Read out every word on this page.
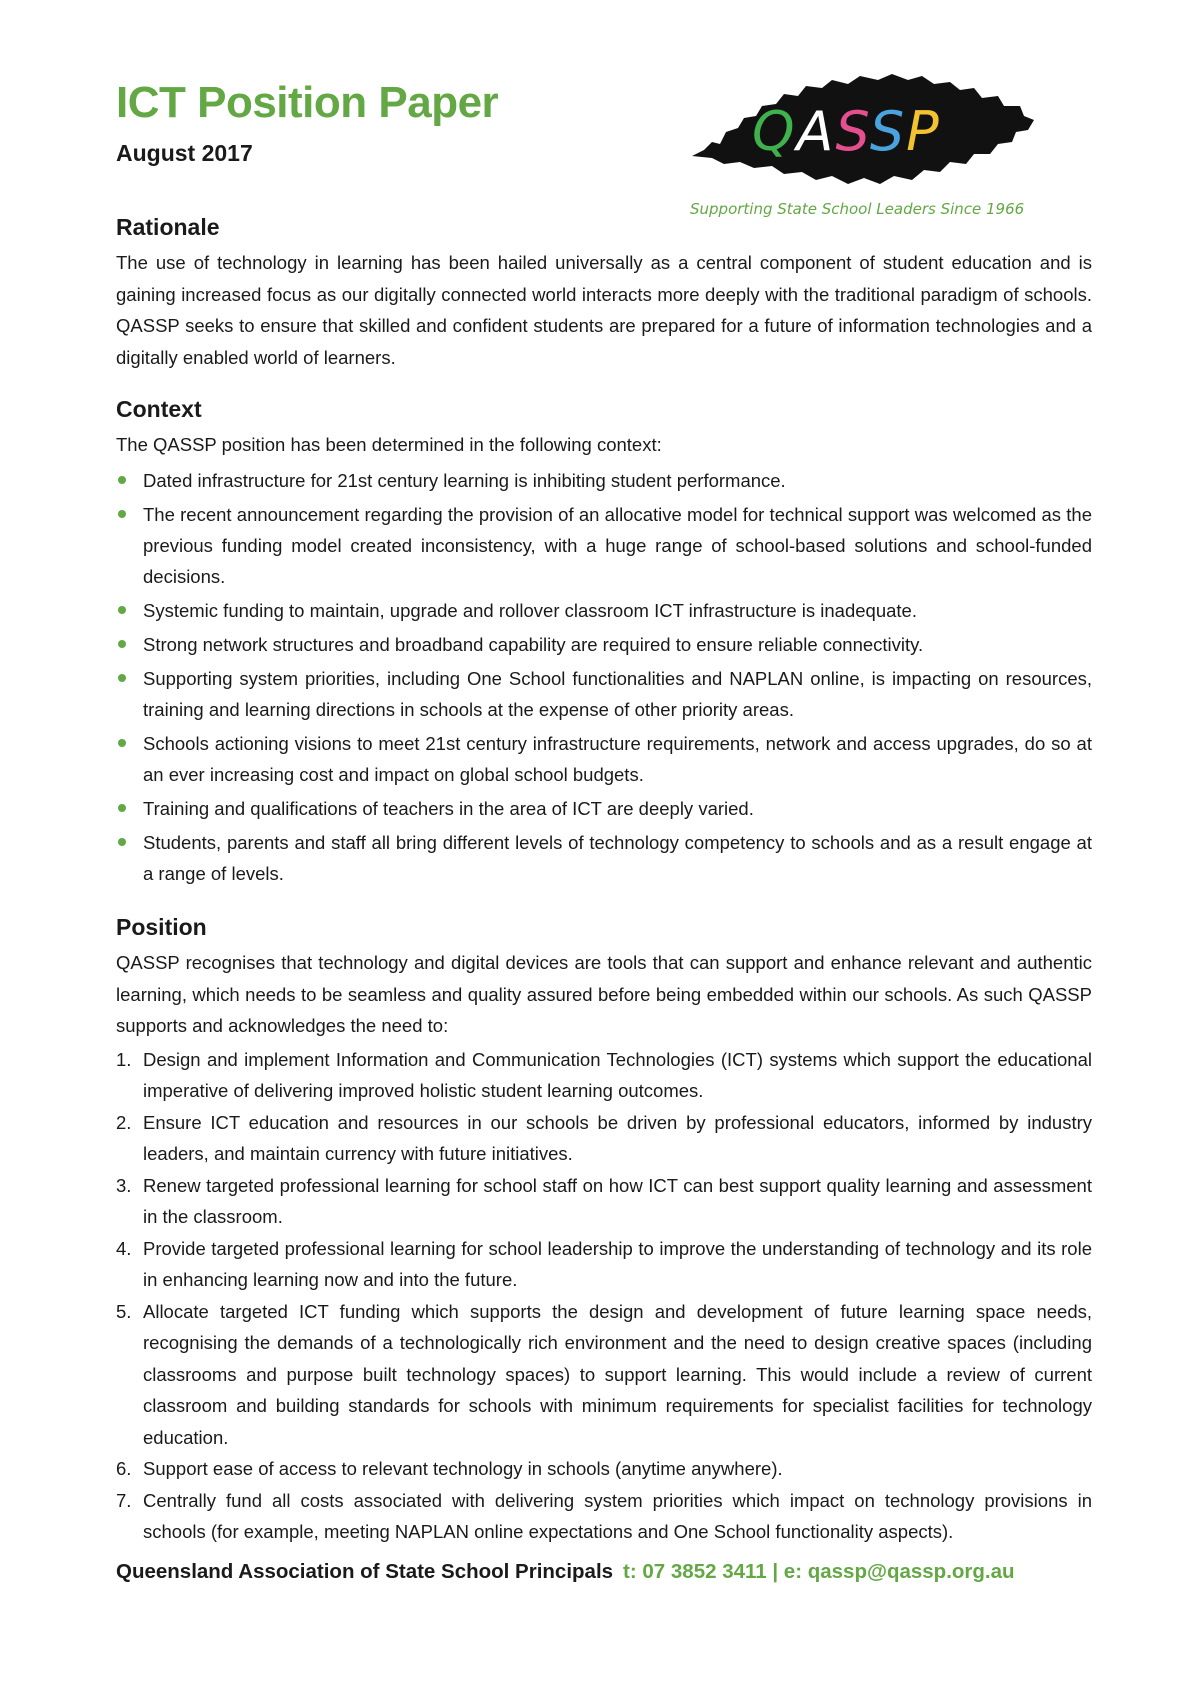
ICT Position Paper
August 2017	QASSP
Supporting State School Leaders Since 1966
Rationale

The use of technology in learning has been hailed universally as a central component of student education and is gaining increased focus as our digitally connected world interacts more deeply with the traditional paradigm of schools. QASSP seeks to ensure that skilled and confident students are prepared for a future of information technologies and a digitally enabled world of learners.

Context

The QASSP position has been determined in the following context:

Dated infrastructure for 21st century learning is inhibiting student performance.
The recent announcement regarding the provision of an allocative model for technical support was welcomed as the previous funding model created inconsistency, with a huge range of school-based solutions and school-funded decisions.
Systemic funding to maintain, upgrade and rollover classroom ICT infrastructure is inadequate.
Strong network structures and broadband capability are required to ensure reliable connectivity.
Supporting system priorities, including One School functionalities and NAPLAN online, is impacting on resources, training and learning directions in schools at the expense of other priority areas.
Schools actioning visions to meet 21st century infrastructure requirements, network and access upgrades, do so at an ever increasing cost and impact on global school budgets.
Training and qualifications of teachers in the area of ICT are deeply varied.
Students, parents and staff all bring different levels of technology competency to schools and as a result engage at a range of levels.
Position

QASSP recognises that technology and digital devices are tools that can support and enhance relevant and authentic learning, which needs to be seamless and quality assured before being embedded within our schools. As such QASSP supports and acknowledges the need to:

1. Design and implement Information and Communication Technologies (ICT) systems which support the educational imperative of delivering improved holistic student learning outcomes.
2. Ensure ICT education and resources in our schools be driven by professional educators, informed by industry leaders, and maintain currency with future initiatives.
3. Renew targeted professional learning for school staff on how ICT can best support quality learning and assessment in the classroom.
4. Provide targeted professional learning for school leadership to improve the understanding of technology and its role in enhancing learning now and into the future.
5. Allocate targeted ICT funding which supports the design and development of future learning space needs, recognising the demands of a technologically rich environment and the need to design creative spaces (including classrooms and purpose built technology spaces) to support learning. This would include a review of current classroom and building standards for schools with minimum requirements for specialist facilities for technology education.
6. Support ease of access to relevant technology in schools (anytime anywhere).
7. Centrally fund all costs associated with delivering system priorities which impact on technology provisions in schools (for example, meeting NAPLAN online expectations and One School functionality aspects).
Queensland Association of State School Principals t: 07 3852 3411 | e: qassp@qassp.org.au
